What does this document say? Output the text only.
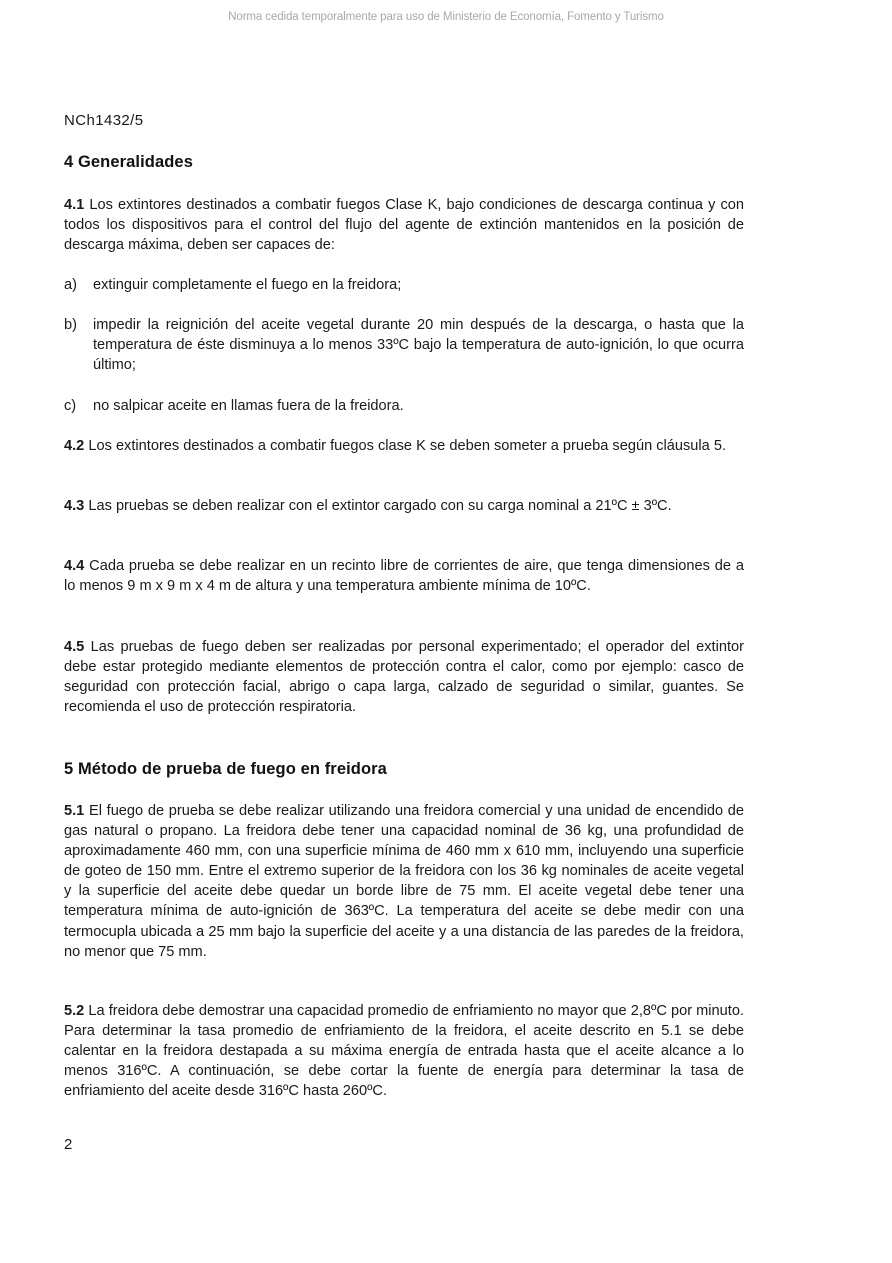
Norma cedida temporalmente para uso de Ministerio de Economía, Fomento y Turismo
NCh1432/5
4 Generalidades
4.1 Los extintores destinados a combatir fuegos Clase K, bajo condiciones de descarga continua y con todos los dispositivos para el control del flujo del agente de extinción mantenidos en la posición de descarga máxima, deben ser capaces de:
a) extinguir completamente el fuego en la freidora;
b) impedir la reignición del aceite vegetal durante 20 min después de la descarga, o hasta que la temperatura de éste disminuya a lo menos 33ºC bajo la temperatura de auto-ignición, lo que ocurra último;
c) no salpicar aceite en llamas fuera de la freidora.
4.2 Los extintores destinados a combatir fuegos clase K se deben someter a prueba según cláusula 5.
4.3 Las pruebas se deben realizar con el extintor cargado con su carga nominal a 21ºC ± 3ºC.
4.4 Cada prueba se debe realizar en un recinto libre de corrientes de aire, que tenga dimensiones de a lo menos 9 m x 9 m x 4 m de altura y una temperatura ambiente mínima de 10ºC.
4.5 Las pruebas de fuego deben ser realizadas por personal experimentado; el operador del extintor debe estar protegido mediante elementos de protección contra el calor, como por ejemplo: casco de seguridad con protección facial, abrigo o capa larga, calzado de seguridad o similar, guantes. Se recomienda el uso de protección respiratoria.
5 Método de prueba de fuego en freidora
5.1 El fuego de prueba se debe realizar utilizando una freidora comercial y una unidad de encendido de gas natural o propano. La freidora debe tener una capacidad nominal de 36 kg, una profundidad de aproximadamente 460 mm, con una superficie mínima de 460 mm x 610 mm, incluyendo una superficie de goteo de 150 mm. Entre el extremo superior de la freidora con los 36 kg nominales de aceite vegetal y la superficie del aceite debe quedar un borde libre de 75 mm. El aceite vegetal debe tener una temperatura mínima de auto-ignición de 363ºC. La temperatura del aceite se debe medir con una termocupla ubicada a 25 mm bajo la superficie del aceite y a una distancia de las paredes de la freidora, no menor que 75 mm.
5.2 La freidora debe demostrar una capacidad promedio de enfriamiento no mayor que 2,8ºC por minuto. Para determinar la tasa promedio de enfriamiento de la freidora, el aceite descrito en 5.1 se debe calentar en la freidora destapada a su máxima energía de entrada hasta que el aceite alcance a lo menos 316ºC. A continuación, se debe cortar la fuente de energía para determinar la tasa de enfriamiento del aceite desde 316ºC hasta 260ºC.
2
